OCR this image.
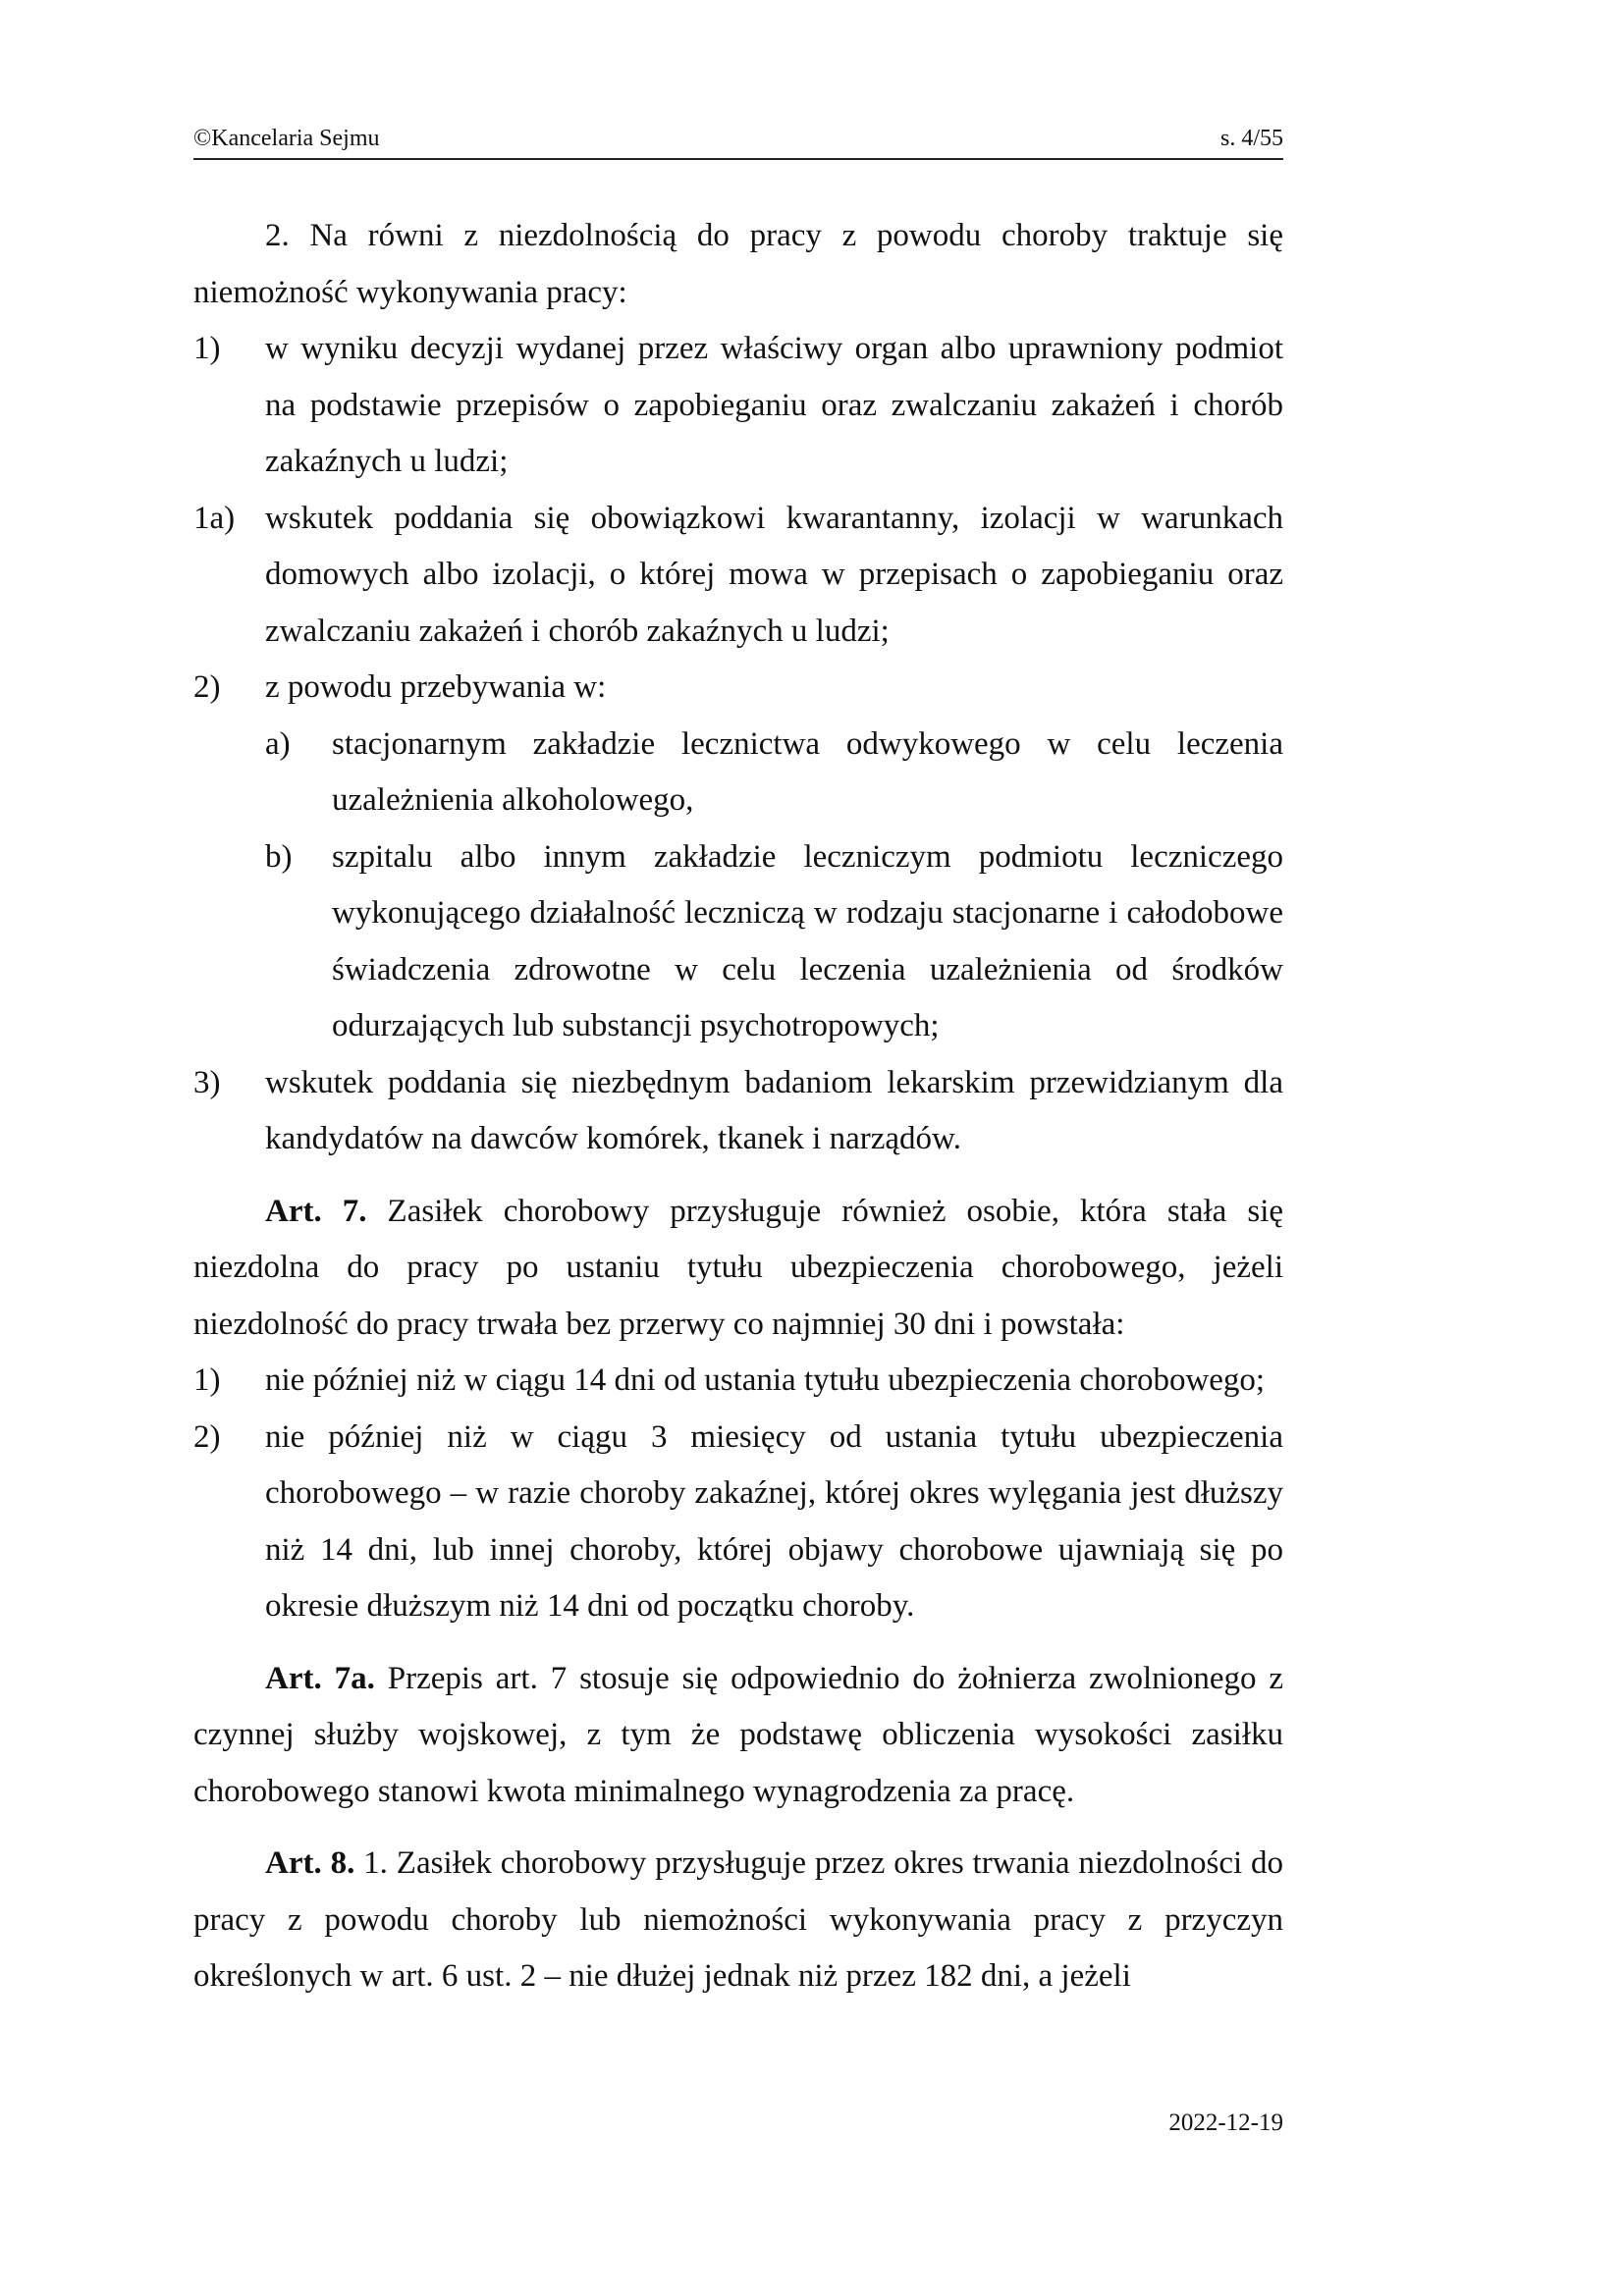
©Kancelaria Sejmu	s. 4/55

2. Na równi z niezdolnością do pracy z powodu choroby traktuje się niemożność wykonywania pracy:

1)	w wyniku decyzji wydanej przez właściwy organ albo uprawniony podmiot na podstawie przepisów o zapobieganiu oraz zwalczaniu zakażeń i chorób zakaźnych u ludzi;
1a) wskutek poddania się obowiązkowi kwarantanny, izolacji w warunkach domowych albo izolacji, o której mowa w przepisach o zapobieganiu oraz zwalczaniu zakażeń i chorób zakaźnych u ludzi;
2)	z powodu przebywania w:
a)	stacjonarnym zakładzie lecznictwa odwykowego w celu leczenia uzależnienia alkoholowego,
b)	szpitalu albo innym zakładzie leczniczym podmiotu leczniczego wykonującego działalność leczniczą w rodzaju stacjonarne i całodobowe świadczenia zdrowotne w celu leczenia uzależnienia od środków odurzających lub substancji psychotropowych;
3)	wskutek poddania się niezbędnym badaniom lekarskim przewidzianym dla kandydatów na dawców komórek, tkanek i narządów.

Art. 7. Zasiłek chorobowy przysługuje również osobie, która stała się niezdolna do pracy po ustaniu tytułu ubezpieczenia chorobowego, jeżeli niezdolność do pracy trwała bez przerwy co najmniej 30 dni i powstała:

1)	nie później niż w ciągu 14 dni od ustania tytułu ubezpieczenia chorobowego;
2)	nie później niż w ciągu 3 miesięcy od ustania tytułu ubezpieczenia chorobowego – w razie choroby zakaźnej, której okres wylęgania jest dłuższy niż 14 dni, lub innej choroby, której objawy chorobowe ujawniają się po okresie dłuższym niż 14 dni od początku choroby.

Art. 7a. Przepis art. 7 stosuje się odpowiednio do żołnierza zwolnionego z czynnej służby wojskowej, z tym że podstawę obliczenia wysokości zasiłku chorobowego stanowi kwota minimalnego wynagrodzenia za pracę.

Art. 8. 1. Zasiłek chorobowy przysługuje przez okres trwania niezdolności do pracy z powodu choroby lub niemożności wykonywania pracy z przyczyn określonych w art. 6 ust. 2 – nie dłużej jednak niż przez 182 dni, a jeżeli

2022-12-19
